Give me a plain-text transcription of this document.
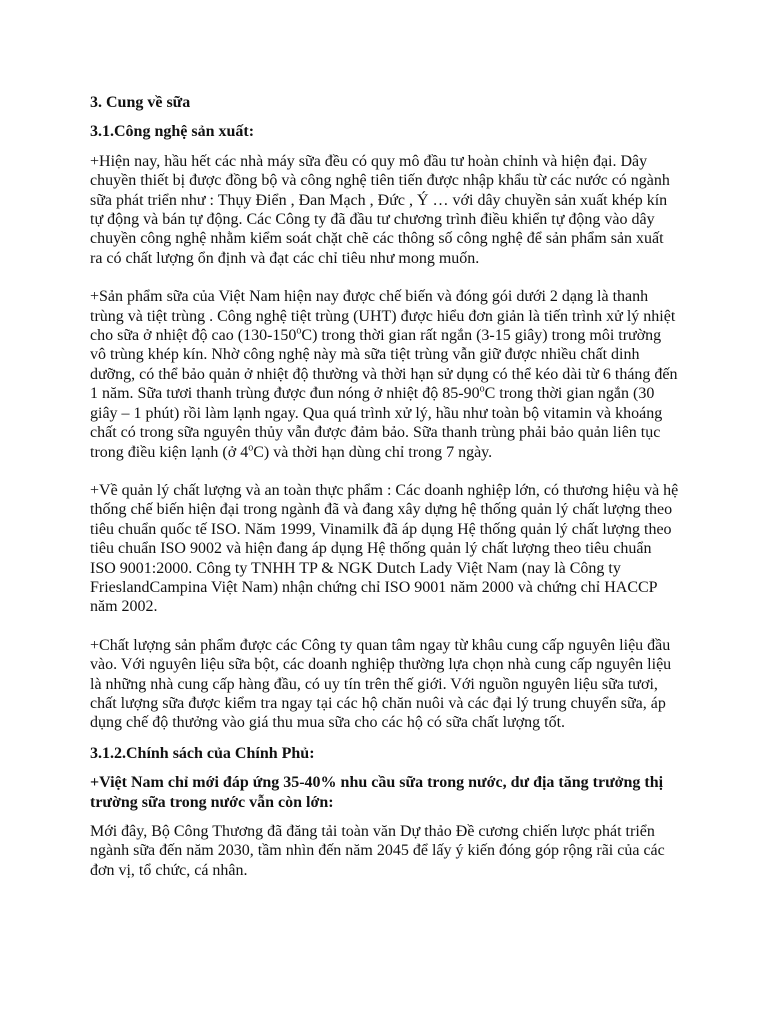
3. Cung về sữa
3.1.Công nghệ sản xuất:

+Hiện nay, hầu hết các nhà máy sữa đều có quy mô đầu tư hoàn chỉnh và hiện đại. Dây chuyền thiết bị được đồng bộ và công nghệ tiên tiến được nhập khẩu từ các nước có ngành sữa phát triển như : Thụy Điển , Đan Mạch , Đức , Ý … với dây chuyền sản xuất khép kín tự động và bán tự động. Các Công ty đã đầu tư chương trình điều khiển tự động vào dây chuyền công nghệ nhằm kiểm soát chặt chẽ các thông số công nghệ để sản phẩm sản xuất ra có chất lượng ổn định và đạt các chỉ tiêu như mong muốn.

+Sản phẩm sữa của Việt Nam hiện nay được chế biến và đóng gói dưới 2 dạng là thanh trùng và tiệt trùng . Công nghệ tiệt trùng (UHT) được hiểu đơn giản là tiến trình xử lý nhiệt cho sữa ở nhiệt độ cao (130-150$^o$C) trong thời gian rất ngắn (3-15 giây) trong môi trường vô trùng khép kín. Nhờ công nghệ này mà sữa tiệt trùng vẫn giữ được nhiều chất dinh dưỡng, có thể bảo quản ở nhiệt độ thường và thời hạn sử dụng có thể kéo dài từ 6 tháng đến 1 năm. Sữa tươi thanh trùng được đun nóng ở nhiệt độ 85-90$^o$C trong thời gian ngắn (30 giây – 1 phút) rồi làm lạnh ngay. Qua quá trình xử lý, hầu như toàn bộ vitamin và khoáng chất có trong sữa nguyên thủy vẫn được đảm bảo. Sữa thanh trùng phải bảo quản liên tục trong điều kiện lạnh (ở 4$^o$C) và thời hạn dùng chỉ trong 7 ngày.

+Về quản lý chất lượng và an toàn thực phẩm : Các doanh nghiệp lớn, có thương hiệu và hệ thống chế biến hiện đại trong ngành đã và đang xây dựng hệ thống quản lý chất lượng theo tiêu chuẩn quốc tế ISO. Năm 1999, Vinamilk đã áp dụng Hệ thống quản lý chất lượng theo tiêu chuẩn ISO 9002 và hiện đang áp dụng Hệ thống quản lý chất lượng theo tiêu chuẩn ISO 9001:2000. Công ty TNHH TP & NGK Dutch Lady Việt Nam (nay là Công ty FrieslandCampina Việt Nam) nhận chứng chỉ ISO 9001 năm 2000 và chứng chỉ HACCP năm 2002.

+Chất lượng sản phẩm được các Công ty quan tâm ngay từ khâu cung cấp nguyên liệu đầu vào. Với nguyên liệu sữa bột, các doanh nghiệp thường lựa chọn nhà cung cấp nguyên liệu là những nhà cung cấp hàng đầu, có uy tín trên thế giới. Với nguồn nguyên liệu sữa tươi, chất lượng sữa được kiểm tra ngay tại các hộ chăn nuôi và các đại lý trung chuyển sữa, áp dụng chế độ thưởng vào giá thu mua sữa cho các hộ có sữa chất lượng tốt.

3.1.2.Chính sách của Chính Phủ:
+Việt Nam chỉ mới đáp ứng 35-40% nhu cầu sữa trong nước, dư địa tăng trưởng thị trường sữa trong nước vẫn còn lớn:

Mới đây, Bộ Công Thương đã đăng tải toàn văn Dự thảo Đề cương chiến lược phát triển ngành sữa đến năm 2030, tầm nhìn đến năm 2045 để lấy ý kiến đóng góp rộng rãi của các đơn vị, tổ chức, cá nhân.
